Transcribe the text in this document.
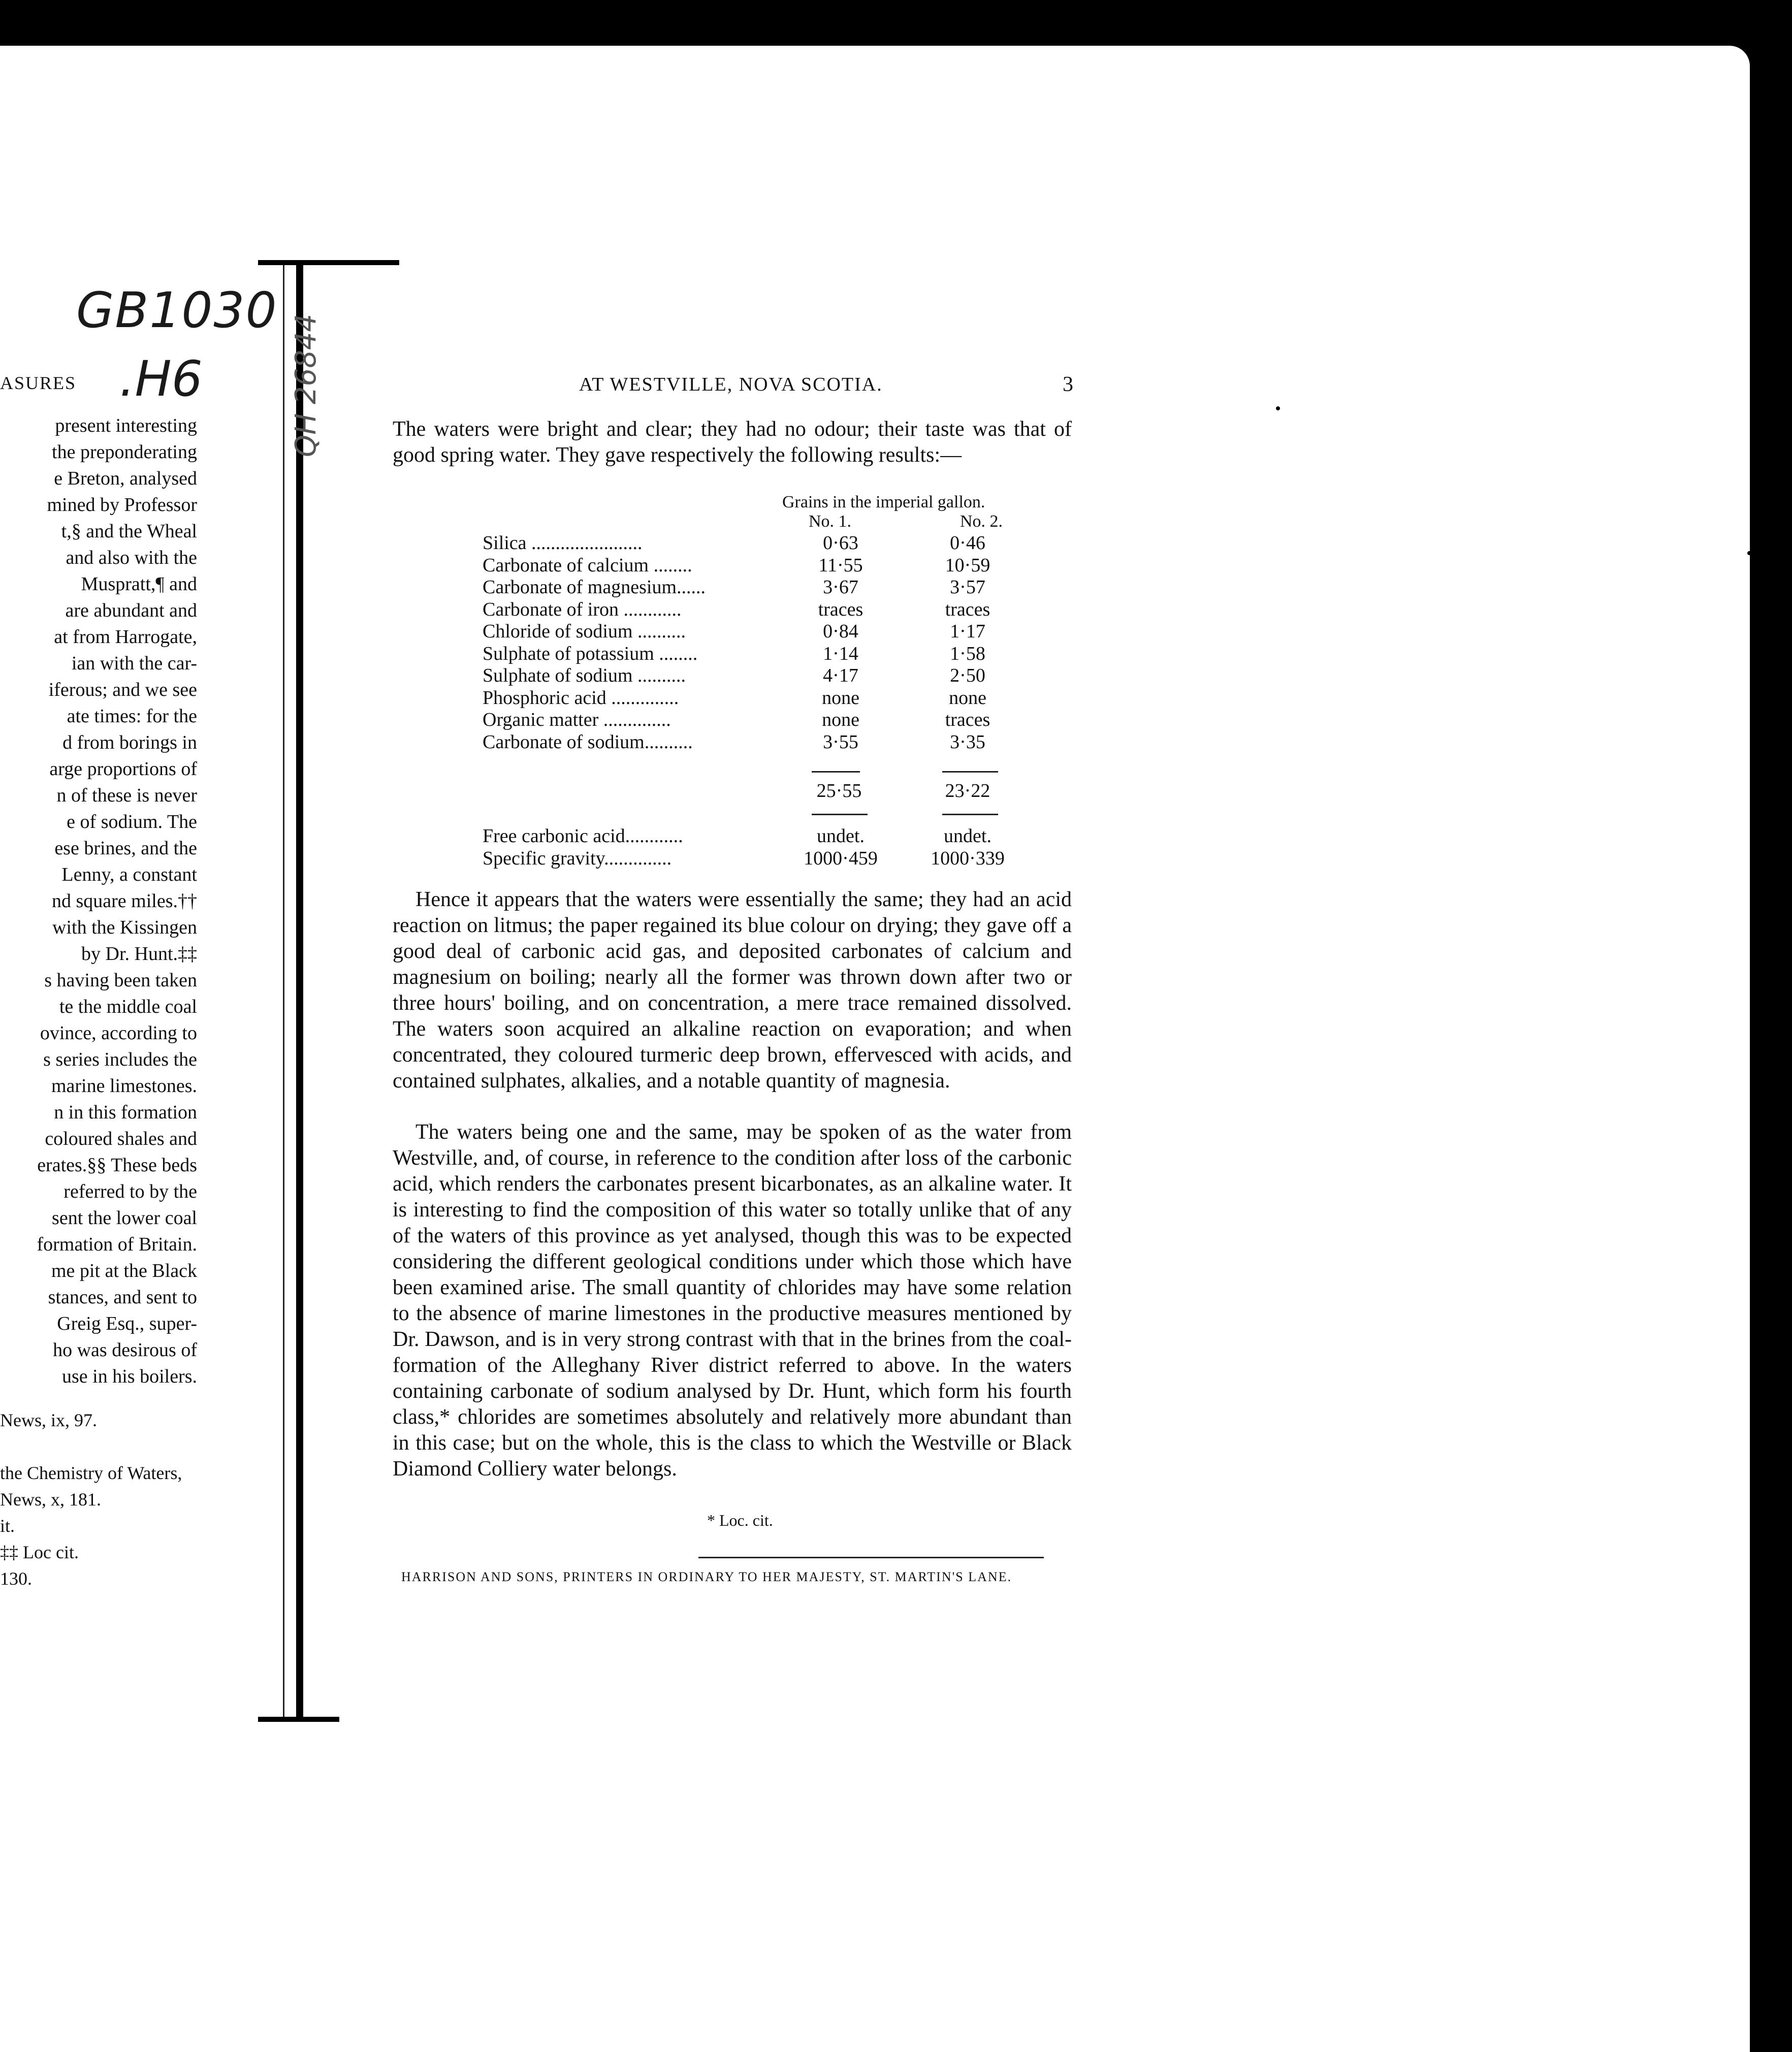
ASURES
present interesting
the preponderating
e Breton, analysed
mined by Professor
t,§ and the Wheal
and also with the
Muspratt,¶ and
are abundant and
at from Harrogate,
ian with the car-
iferous; and we see
ate times: for the
d from borings in
arge proportions of
n of these is never
e of sodium. The
ese brines, and the
Lenny, a constant
nd square miles.††
with the Kissingen
by Dr. Hunt.‡‡
s having been taken
te the middle coal
ovince, according to
s series includes the
marine limestones.
n in this formation
coloured shales and
erates.§§ These beds
referred to by the
sent the lower coal
formation of Britain.
me pit at the Black
stances, and sent to
Greig Esq., super-
ho was desirous of
use in his boilers.
News, ix, 97.

the Chemistry of Waters,
News, x, 181.
it.
‡‡ Loc cit.
130.
GB1030
.H6	QH 26844	AT WESTVILLE, NOVA SCOTIA.	3
The waters were bright and clear; they had no odour; their taste was that of good spring water. They gave respectively the following results:—
Grains in the imperial gallon.
No. 1.	No. 2.
Silica .......................	0·63	0·46
Carbonate of calcium ........	11·55	10·59
Carbonate of magnesium......	3·67	3·57
Carbonate of iron ............	traces	traces
Chloride of sodium ..........	0·84	1·17
Sulphate of potassium ........	1·14	1·58
Sulphate of sodium ..........	4·17	2·50
Phosphoric acid ..............	none	none
Organic matter ..............	none	traces
Carbonate of sodium..........	3·55	3·35
25·55	23·22
Free carbonic acid............	undet.	undet.
Specific gravity..............	1000·459	1000·339
Hence it appears that the waters were essentially the same; they had an acid reaction on litmus; the paper regained its blue colour on drying; they gave off a good deal of carbonic acid gas, and deposited carbonates of calcium and magnesium on boiling; nearly all the former was thrown down after two or three hours' boiling, and on concentration, a mere trace remained dissolved. The waters soon acquired an alkaline reaction on evaporation; and when concentrated, they coloured turmeric deep brown, effervesced with acids, and contained sulphates, alkalies, and a notable quantity of magnesia.
The waters being one and the same, may be spoken of as the water from Westville, and, of course, in reference to the condition after loss of the carbonic acid, which renders the carbonates present bicarbonates, as an alkaline water. It is interesting to find the composition of this water so totally unlike that of any of the waters of this province as yet analysed, though this was to be expected considering the different geological conditions under which those which have been examined arise. The small quantity of chlorides may have some relation to the absence of marine limestones in the productive measures mentioned by Dr. Dawson, and is in very strong contrast with that in the brines from the coal-formation of the Alleghany River district referred to above. In the waters containing carbonate of sodium analysed by Dr. Hunt, which form his fourth class,* chlorides are sometimes absolutely and relatively more abundant than in this case; but on the whole, this is the class to which the Westville or Black Diamond Colliery water belongs.
* Loc. cit.
HARRISON AND SONS, PRINTERS IN ORDINARY TO HER MAJESTY, ST. MARTIN'S LANE.
